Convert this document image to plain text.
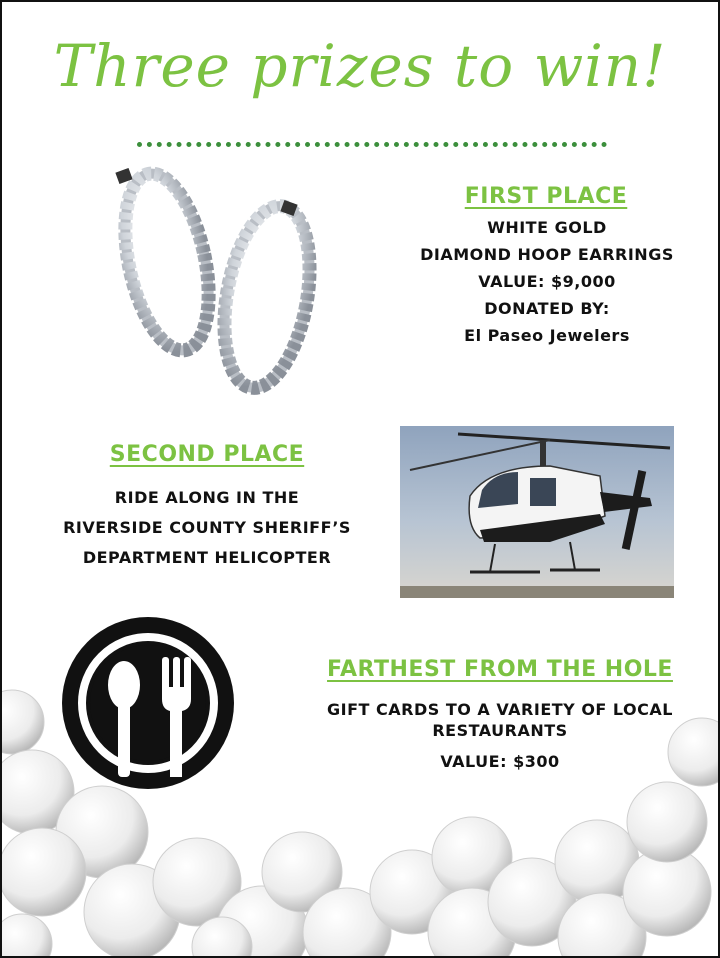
Three prizes to win!
FIRST PLACE
WHITE GOLD
DIAMOND HOOP EARRINGS
VALUE: $9,000
DONATED BY:
El Paseo Jewelers
SECOND PLACE
RIDE ALONG IN THE
RIVERSIDE COUNTY SHERIFF’S
DEPARTMENT HELICOPTER
FARTHEST FROM THE HOLE
GIFT CARDS TO A VARIETY OF LOCAL
RESTAURANTS
VALUE: $300
